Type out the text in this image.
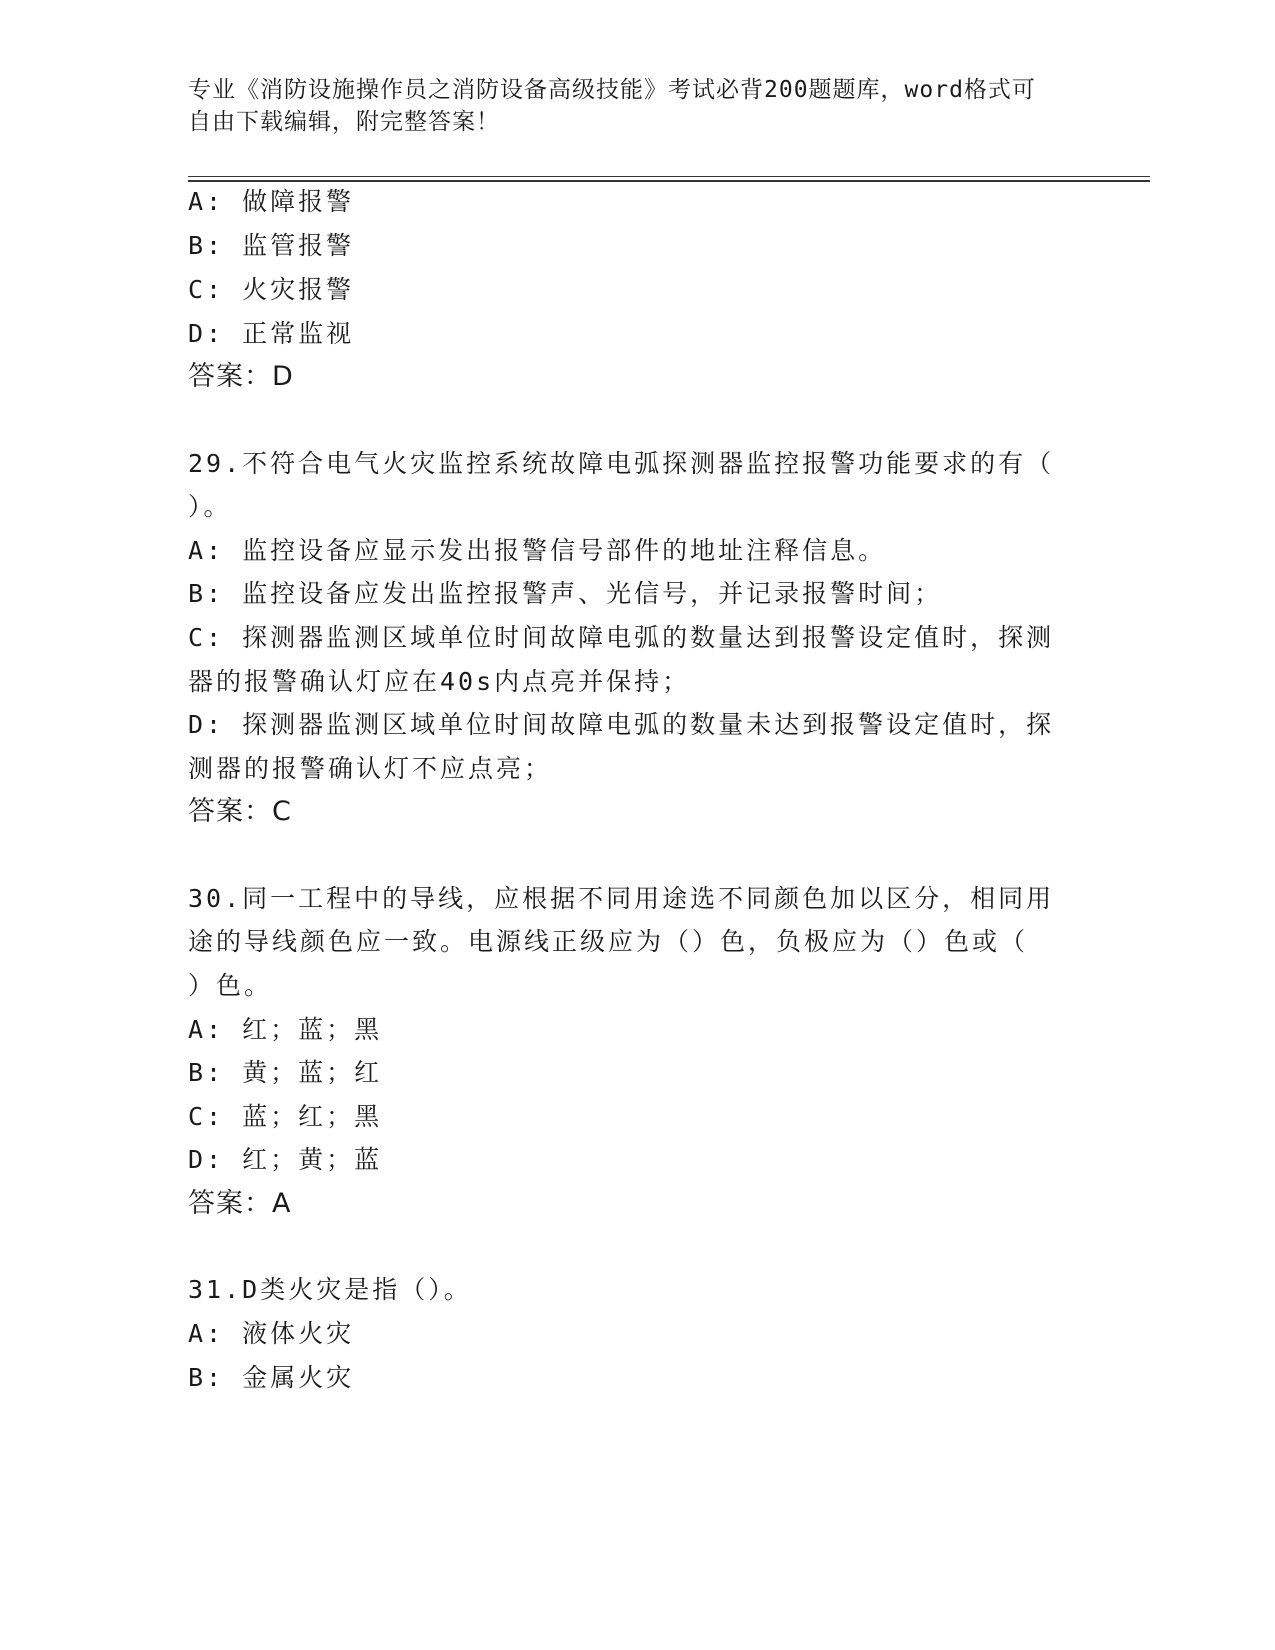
专业《消防设施操作员之消防设备高级技能》考试必背200题题库，word格式可
自由下载编辑，附完整答案！
A: 做障报警
B: 监管报警
C: 火灾报警
D: 正常监视
答案：D
29.不符合电气火灾监控系统故障电弧探测器监控报警功能要求的有（
）。
A: 监控设备应显示发出报警信号部件的地址注释信息。
B: 监控设备应发出监控报警声、光信号，并记录报警时间；
C: 探测器监测区域单位时间故障电弧的数量达到报警设定值时，探测
器的报警确认灯应在40s内点亮并保持；
D: 探测器监测区域单位时间故障电弧的数量未达到报警设定值时，探
测器的报警确认灯不应点亮；
答案：C
30.同一工程中的导线，应根据不同用途选不同颜色加以区分，相同用
途的导线颜色应一致。电源线正级应为（）色，负极应为（）色或（
）色。
A: 红；蓝；黑
B: 黄；蓝；红
C: 蓝；红；黑
D: 红；黄；蓝
答案：A
31.D类火灾是指（）。
A: 液体火灾
B: 金属火灾
